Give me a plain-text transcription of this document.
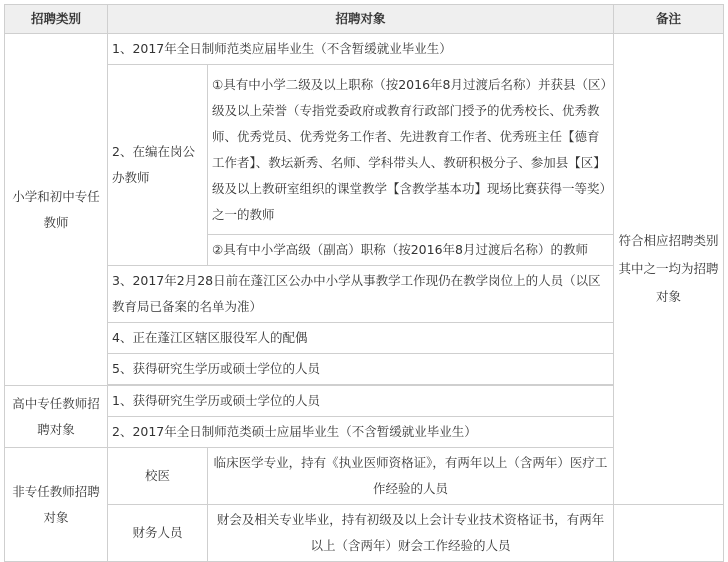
招聘类别	招聘对象		备注
小学和初中专任教师	1、2017年全日制师范类应届毕业生（不含暂缓就业毕业生）		符合相应招聘类别其中之一均为招聘对象
	2、在编在岗公办教师	①具有中小学二级及以上职称（按2016年8月过渡后名称）并获县（区）级及以上荣誉（专指党委政府或教育行政部门授予的优秀校长、优秀教师、优秀党员、优秀党务工作者、先进教育工作者、优秀班主任【德育工作者】、教坛新秀、名师、学科带头人、教研积极分子、参加县【区】级及以上教研室组织的课堂教学【含教学基本功】现场比赛获得一等奖）之一的教师	
		②具有中小学高级（副高）职称（按2016年8月过渡后名称）的教师	
	3、2017年2月28日前在蓬江区公办中小学从事教学工作现仍在教学岗位上的人员（以区教育局已备案的名单为准）		
	4、正在蓬江区辖区服役军人的配偶		
	5、获得研究生学历或硕士学位的人员		

高中专任教师招聘对象	1、获得研究生学历或硕士学位的人员		
	2、2017年全日制师范类硕士应届毕业生（不含暂缓就业毕业生）		
非专任教师招聘对象	校医	临床医学专业，持有《执业医师资格证》，有两年以上（含两年）医疗工作经验的人员	
	财务人员	财会及相关专业毕业，持有初级及以上会计专业技术资格证书，有两年以上（含两年）财会工作经验的人员	
